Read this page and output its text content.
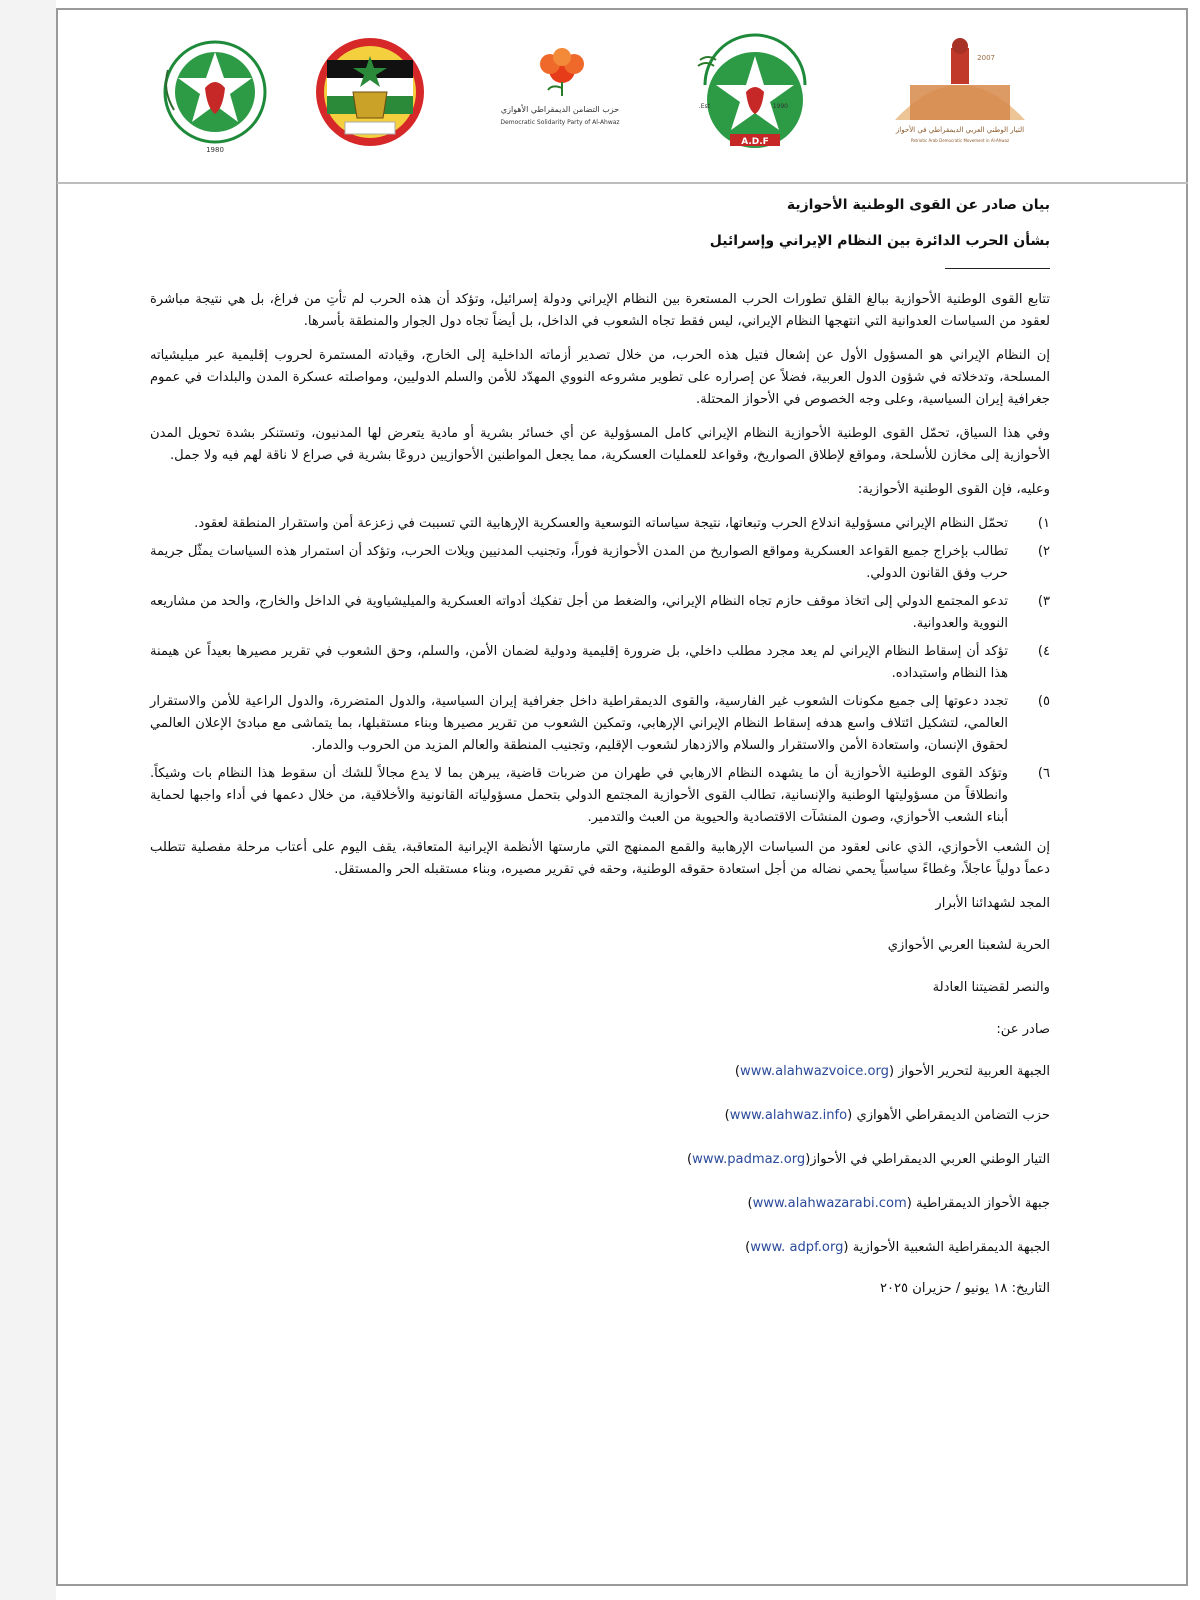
1980
حزب التضامن الديمقراطي الأهوازي
Democratic Solidarity Party of Al-Ahwaz
A.D.F
Est.	1990
2007
التيار الوطني العربي الديمقراطي في الأحواز
Patriotic Arab Democratic Movement in Al-Ahwaz
بيان صادر عن القوى الوطنية الأحوازية
بشأن الحرب الدائرة بين النظام الإيراني وإسرائيل

تتابع القوى الوطنية الأحوازية ببالغ القلق تطورات الحرب المستعرة بين النظام الإيراني ودولة إسرائيل، وتؤكد أن هذه الحرب لم تأتِ من فراغ، بل هي نتيجة مباشرة لعقود من السياسات العدوانية التي انتهجها النظام الإيراني، ليس فقط تجاه الشعوب في الداخل، بل أيضاً تجاه دول الجوار والمنطقة بأسرها.

إن النظام الإيراني هو المسؤول الأول عن إشعال فتيل هذه الحرب، من خلال تصدير أزماته الداخلية إلى الخارج، وقيادته المستمرة لحروب إقليمية عبر ميليشياته المسلحة، وتدخلاته في شؤون الدول العربية، فضلاً عن إصراره على تطوير مشروعه النووي المهدّد للأمن والسلم الدوليين، ومواصلته عسكرة المدن والبلدات في عموم جغرافية إيران السياسية، وعلى وجه الخصوص في الأحواز المحتلة.

وفي هذا السياق، تحمّل القوى الوطنية الأحوازية النظام الإيراني كامل المسؤولية عن أي خسائر بشرية أو مادية يتعرض لها المدنيون، وتستنكر بشدة تحويل المدن الأحوازية إلى مخازن للأسلحة، ومواقع لإطلاق الصواريخ، وقواعد للعمليات العسكرية، مما يجعل المواطنين الأحوازيين دروعًا بشرية في صراع لا ناقة لهم فيه ولا جمل.

وعليه، فإن القوى الوطنية الأحوازية:

١)
تحمّل النظام الإيراني مسؤولية اندلاع الحرب وتبعاتها، نتيجة سياساته التوسعية والعسكرية الإرهابية التي تسببت في زعزعة أمن واستقرار المنطقة لعقود.
٢)
تطالب بإخراج جميع القواعد العسكرية ومواقع الصواريخ من المدن الأحوازية فوراً، وتجنيب المدنيين ويلات الحرب، وتؤكد أن استمرار هذه السياسات يمثّل جريمة حرب وفق القانون الدولي.
٣)
تدعو المجتمع الدولي إلى اتخاذ موقف حازم تجاه النظام الإيراني، والضغط من أجل تفكيك أدواته العسكرية والميليشياوية في الداخل والخارج، والحد من مشاريعه النووية والعدوانية.
٤)
تؤكد أن إسقاط النظام الإيراني لم يعد مجرد مطلب داخلي، بل ضرورة إقليمية ودولية لضمان الأمن، والسلم، وحق الشعوب في تقرير مصيرها بعيداً عن هيمنة هذا النظام واستبداده.
٥)
تجدد دعوتها إلى جميع مكونات الشعوب غير الفارسية، والقوى الديمقراطية داخل جغرافية إيران السياسية، والدول المتضررة، والدول الراعية للأمن والاستقرار العالمي، لتشكيل ائتلاف واسع هدفه إسقاط النظام الإيراني الإرهابي، وتمكين الشعوب من تقرير مصيرها وبناء مستقبلها، بما يتماشى مع مبادئ الإعلان العالمي لحقوق الإنسان، واستعادة الأمن والاستقرار والسلام والازدهار لشعوب الإقليم، وتجنيب المنطقة والعالم المزيد من الحروب والدمار.
٦)
وتؤكد القوى الوطنية الأحوازية أن ما يشهده النظام الارهابي في طهران من ضربات قاضية، يبرهن بما لا يدع مجالاً للشك أن سقوط هذا النظام بات وشيكاً. وانطلاقاً من مسؤوليتها الوطنية والإنسانية، تطالب القوى الأحوازية المجتمع الدولي بتحمل مسؤولياته القانونية والأخلاقية، من خلال دعمها في أداء واجبها لحماية أبناء الشعب الأحوازي، وصون المنشآت الاقتصادية والحيوية من العبث والتدمير.

إن الشعب الأحوازي، الذي عانى لعقود من السياسات الإرهابية والقمع الممنهج التي مارستها الأنظمة الإيرانية المتعاقبة، يقف اليوم على أعتاب مرحلة مفصلية تتطلب دعماً دولياً عاجلاً، وغطاءً سياسياً يحمي نضاله من أجل استعادة حقوقه الوطنية، وحقه في تقرير مصيره، وبناء مستقبله الحر والمستقل.

المجد لشهدائنا الأبرار
الحرية لشعبنا العربي الأحوازي
والنصر لقضيتنا العادلة
صادر عن:
الجبهة العربية لتحرير الأحواز (www.alahwazvoice.org)
حزب التضامن الديمقراطي الأهوازي (www.alahwaz.info)
التيار الوطني العربي الديمقراطي في الأحواز(www.padmaz.org)
جبهة الأحواز الديمقراطية (www.alahwazarabi.com)
الجبهة الديمقراطية الشعبية الأحوازية (www. adpf.org)
التاريخ: ١٨ يونيو / حزيران ٢٠٢٥
